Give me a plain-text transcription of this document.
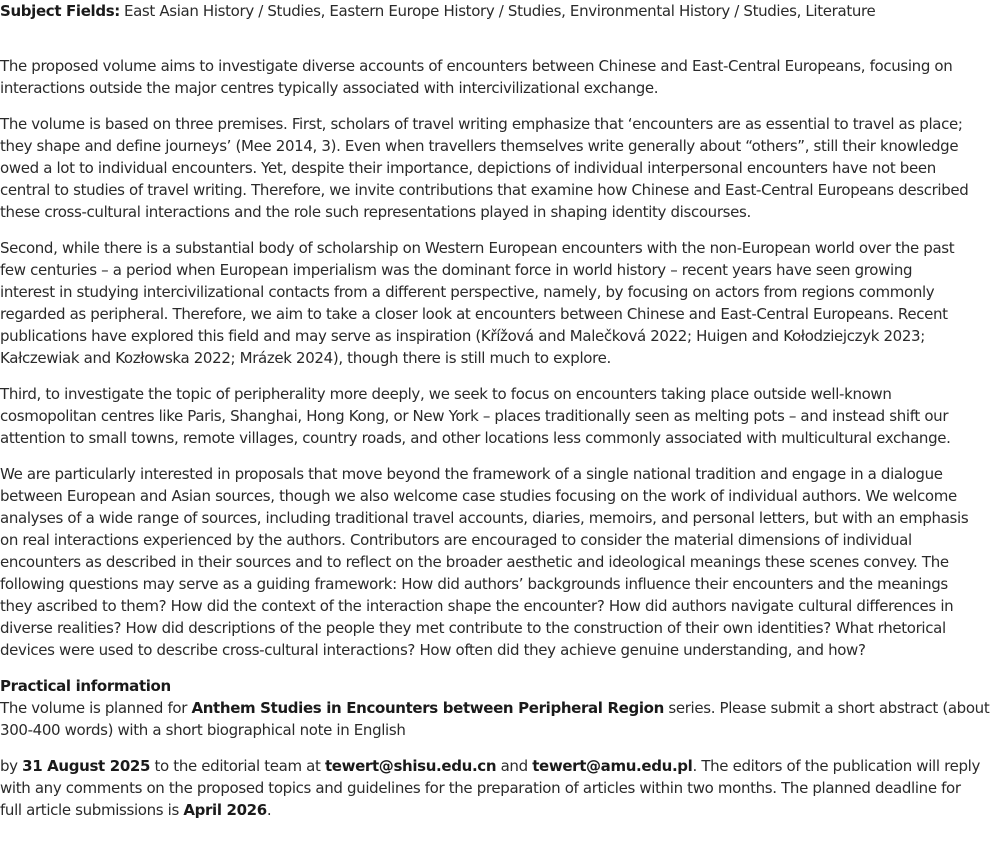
Subject Fields: East Asian History / Studies, Eastern Europe History / Studies, Environmental History / Studies, Literature

The proposed volume aims to investigate diverse accounts of encounters between Chinese and East-Central Europeans, focusing on
interactions outside the major centres typically associated with intercivilizational exchange.

The volume is based on three premises. First, scholars of travel writing emphasize that ‘encounters are as essential to travel as place;
they shape and define journeys’ (Mee 2014, 3). Even when travellers themselves write generally about “others”, still their knowledge
owed a lot to individual encounters. Yet, despite their importance, depictions of individual interpersonal encounters have not been
central to studies of travel writing. Therefore, we invite contributions that examine how Chinese and East-Central Europeans described
these cross-cultural interactions and the role such representations played in shaping identity discourses.

Second, while there is a substantial body of scholarship on Western European encounters with the non-European world over the past
few centuries – a period when European imperialism was the dominant force in world history – recent years have seen growing
interest in studying intercivilizational contacts from a different perspective, namely, by focusing on actors from regions commonly
regarded as peripheral. Therefore, we aim to take a closer look at encounters between Chinese and East-Central Europeans. Recent
publications have explored this field and may serve as inspiration (Křížová and Malečková 2022; Huigen and Kołodziejczyk 2023;
Kałczewiak and Kozłowska 2022; Mrázek 2024), though there is still much to explore.

Third, to investigate the topic of peripherality more deeply, we seek to focus on encounters taking place outside well-known
cosmopolitan centres like Paris, Shanghai, Hong Kong, or New York – places traditionally seen as melting pots – and instead shift our
attention to small towns, remote villages, country roads, and other locations less commonly associated with multicultural exchange.

We are particularly interested in proposals that move beyond the framework of a single national tradition and engage in a dialogue
between European and Asian sources, though we also welcome case studies focusing on the work of individual authors. We welcome
analyses of a wide range of sources, including traditional travel accounts, diaries, memoirs, and personal letters, but with an emphasis
on real interactions experienced by the authors. Contributors are encouraged to consider the material dimensions of individual
encounters as described in their sources and to reflect on the broader aesthetic and ideological meanings these scenes convey. The
following questions may serve as a guiding framework: How did authors’ backgrounds influence their encounters and the meanings
they ascribed to them? How did the context of the interaction shape the encounter? How did authors navigate cultural differences in
diverse realities? How did descriptions of the people they met contribute to the construction of their own identities? What rhetorical
devices were used to describe cross-cultural interactions? How often did they achieve genuine understanding, and how?

Practical information

The volume is planned for Anthem Studies in Encounters between Peripheral Region series. Please submit a short abstract (about
300-400 words) with a short biographical note in English

by 31 August 2025 to the editorial team at tewert@shisu.edu.cn and tewert@amu.edu.pl. The editors of the publication will reply
with any comments on the proposed topics and guidelines for the preparation of articles within two months. The planned deadline for
full article submissions is April 2026.
